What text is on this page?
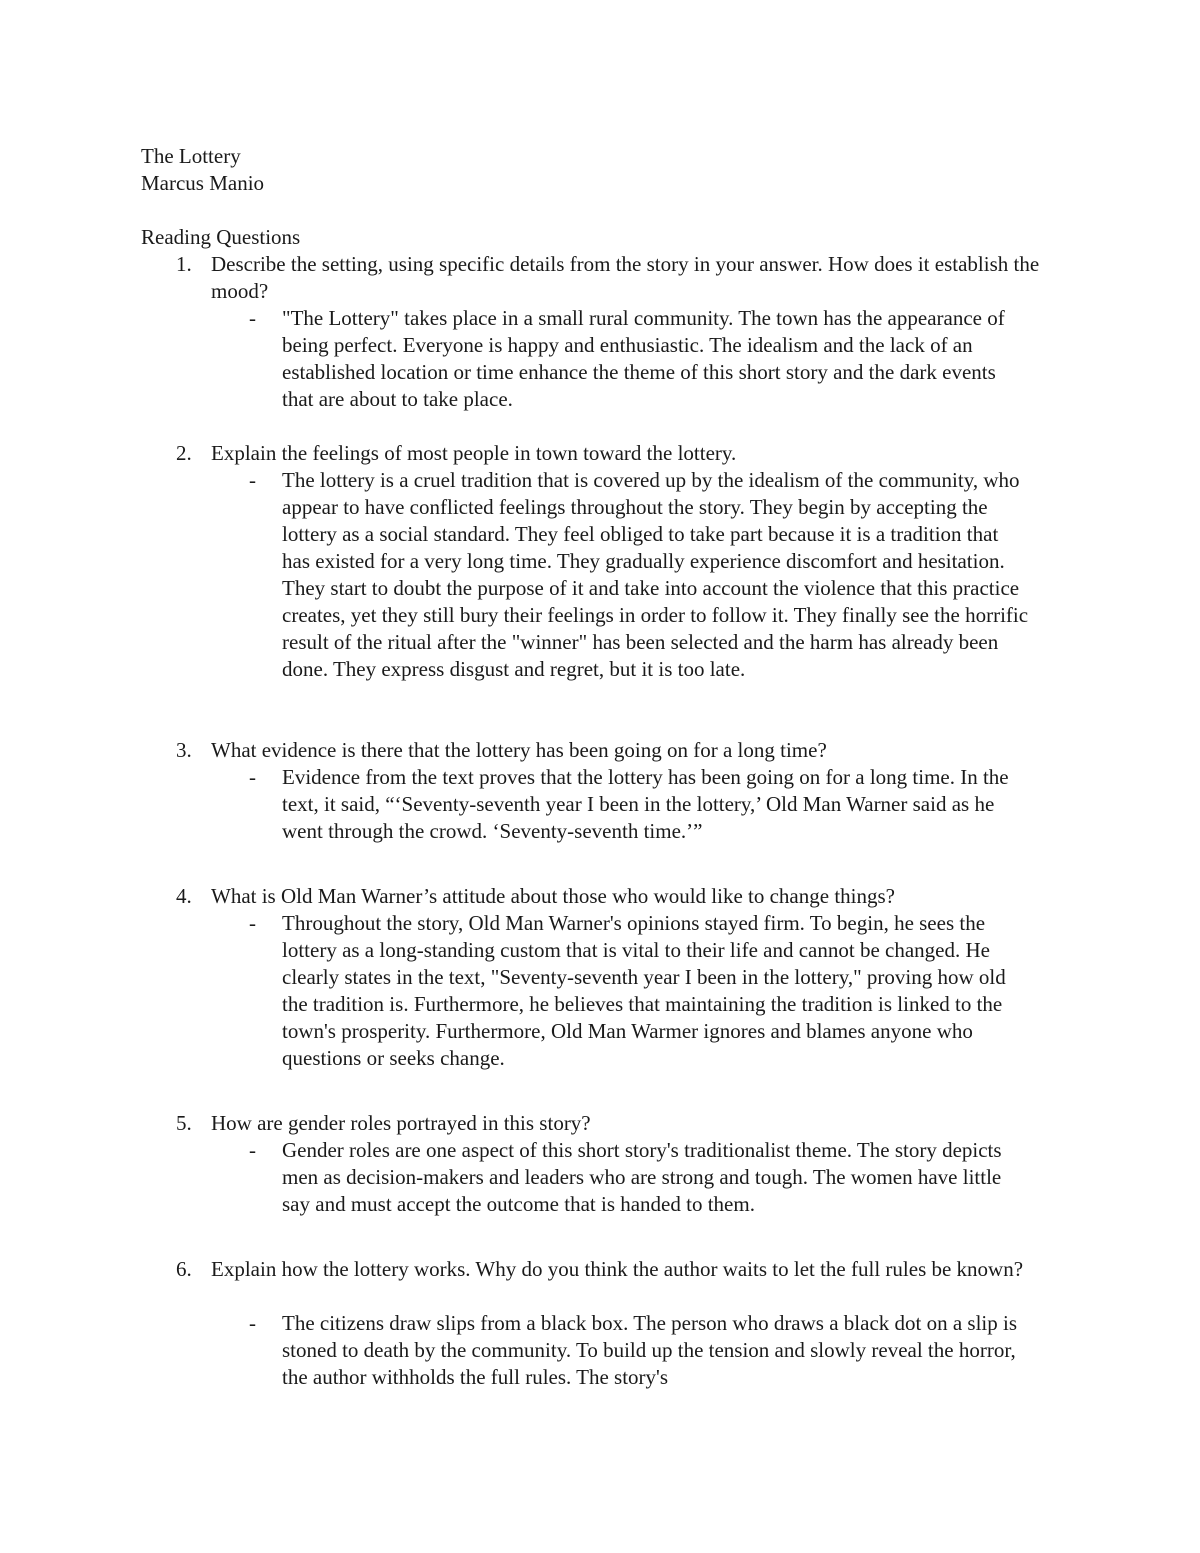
The Lottery
Marcus Manio
Reading Questions
1. Describe the setting, using specific details from the story in your answer. How does it establish the mood?
- "The Lottery" takes place in a small rural community. The town has the appearance of being perfect. Everyone is happy and enthusiastic. The idealism and the lack of an established location or time enhance the theme of this short story and the dark events that are about to take place.
2. Explain the feelings of most people in town toward the lottery.
- The lottery is a cruel tradition that is covered up by the idealism of the community, who appear to have conflicted feelings throughout the story. They begin by accepting the lottery as a social standard. They feel obliged to take part because it is a tradition that has existed for a very long time. They gradually experience discomfort and hesitation. They start to doubt the purpose of it and take into account the violence that this practice creates, yet they still bury their feelings in order to follow it. They finally see the horrific result of the ritual after the "winner" has been selected and the harm has already been done. They express disgust and regret, but it is too late.
3. What evidence is there that the lottery has been going on for a long time?
- Evidence from the text proves that the lottery has been going on for a long time. In the text, it said, “‘Seventy-seventh year I been in the lottery,’ Old Man Warner said as he went through the crowd. ‘Seventy-seventh time.’”
4. What is Old Man Warner’s attitude about those who would like to change things?
- Throughout the story, Old Man Warner's opinions stayed firm. To begin, he sees the lottery as a long-standing custom that is vital to their life and cannot be changed. He clearly states in the text, "Seventy-seventh year I been in the lottery," proving how old the tradition is. Furthermore, he believes that maintaining the tradition is linked to the town's prosperity. Furthermore, Old Man Warmer ignores and blames anyone who questions or seeks change.
5. How are gender roles portrayed in this story?
- Gender roles are one aspect of this short story's traditionalist theme. The story depicts men as decision-makers and leaders who are strong and tough. The women have little say and must accept the outcome that is handed to them.
6. Explain how the lottery works. Why do you think the author waits to let the full rules be known?
- The citizens draw slips from a black box. The person who draws a black dot on a slip is stoned to death by the community. To build up the tension and slowly reveal the horror, the author withholds the full rules. The story's
